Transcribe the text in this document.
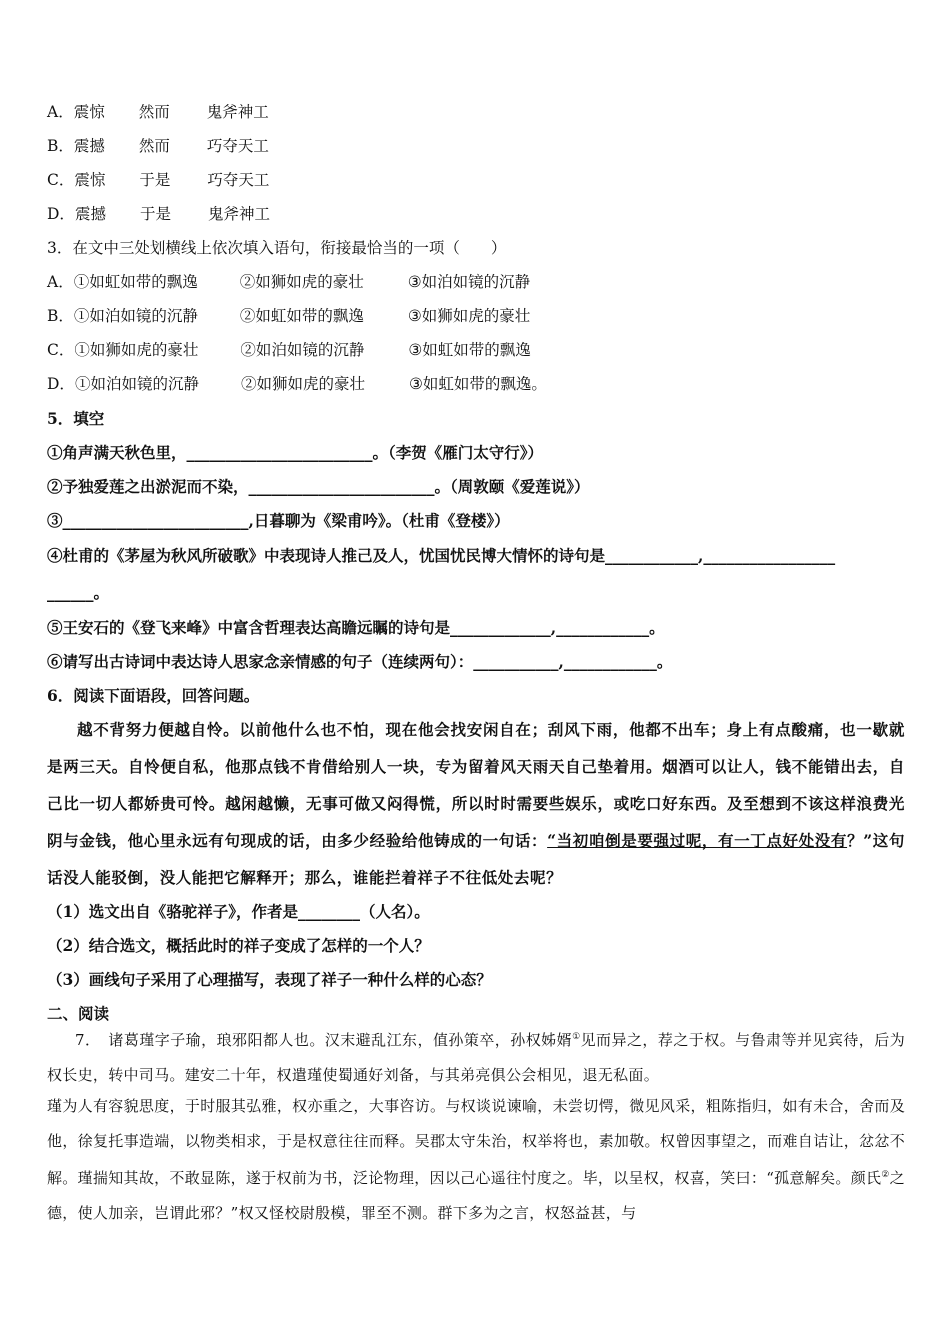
A．震惊 然而 鬼斧神工
B．震撼 然而 巧夺天工
C．震惊 于是 巧夺天工
D．震撼 于是 鬼斧神工
3．在文中三处划横线上依次填入语句，衔接最恰当的一项（　　）
A．①如虹如带的飘逸	②如狮如虎的豪壮	③如泊如镜的沉静
B．①如泊如镜的沉静	②如虹如带的飘逸	③如狮如虎的豪壮
C．①如狮如虎的豪壮	②如泊如镜的沉静	③如虹如带的飘逸
D．①如泊如镜的沉静	②如狮如虎的豪壮	③如虹如带的飘逸。
5．填空
①角声满天秋色里，________________________。（李贺《雁门太守行》）
②予独爱莲之出淤泥而不染，________________________。（周敦颐《爱莲说》）
③________________________,日暮聊为《梁甫吟》。（杜甫《登楼》）
④杜甫的《茅屋为秋风所破歌》中表现诗人推己及人，忧国忧民博大情怀的诗句是____________,_________________
______。
⑤王安石的《登飞来峰》中富含哲理表达高瞻远瞩的诗句是_____________,____________。
⑥请写出古诗词中表达诗人思家念亲情感的句子（连续两句）：___________,____________。
6．阅读下面语段，回答问题。
越不背努力便越自怜。以前他什么也不怕，现在他会找安闲自在；刮风下雨，他都不出车；身上有点酸痛，也一歇就是两三天。自怜便自私，他那点钱不肯借给别人一块，专为留着风天雨天自己垫着用。烟酒可以让人，钱不能错出去，自己比一切人都娇贵可怜。越闲越懒，无事可做又闷得慌，所以时时需要些娱乐，或吃口好东西。及至想到不该这样浪费光阴与金钱，他心里永远有句现成的话，由多少经验给他铸成的一句话：“当初咱倒是要强过呢，有一丁点好处没有？”这句话没人能驳倒，没人能把它解释开；那么，谁能拦着祥子不往低处去呢？
（1）选文出自《骆驼祥子》，作者是________（人名）。
（2）结合选文，概括此时的祥子变成了怎样的一个人？
（3）画线句子采用了心理描写，表现了祥子一种什么样的心态？
二、阅读
7．　诸葛瑾字子瑜，琅邪阳都人也。汉末避乱江东，值孙策卒，孙权姊婿①见而异之，荐之于权。与鲁肃等并见宾待，后为权长史，转中司马。建安二十年，权遣瑾使蜀通好刘备，与其弟亮俱公会相见，退无私面。
瑾为人有容貌思度，于时服其弘雅，权亦重之，大事咨访。与权谈说谏喻，未尝切愕，微见风采，粗陈指归，如有未合，舍而及他，徐复托事造端，以物类相求，于是权意往往而释。吴郡太守朱治，权举将也，素加敬。权曾因事望之，而难自诘让，忿忿不解。瑾揣知其故，不敢显陈，遂于权前为书，泛论物理，因以己心遥往忖度之。毕，以呈权，权喜，笑曰：“孤意解矣。颜氏②之德，使人加亲，岂谓此邪？”权又怪校尉殷模，罪至不测。群下多为之言，权怒益甚，与
